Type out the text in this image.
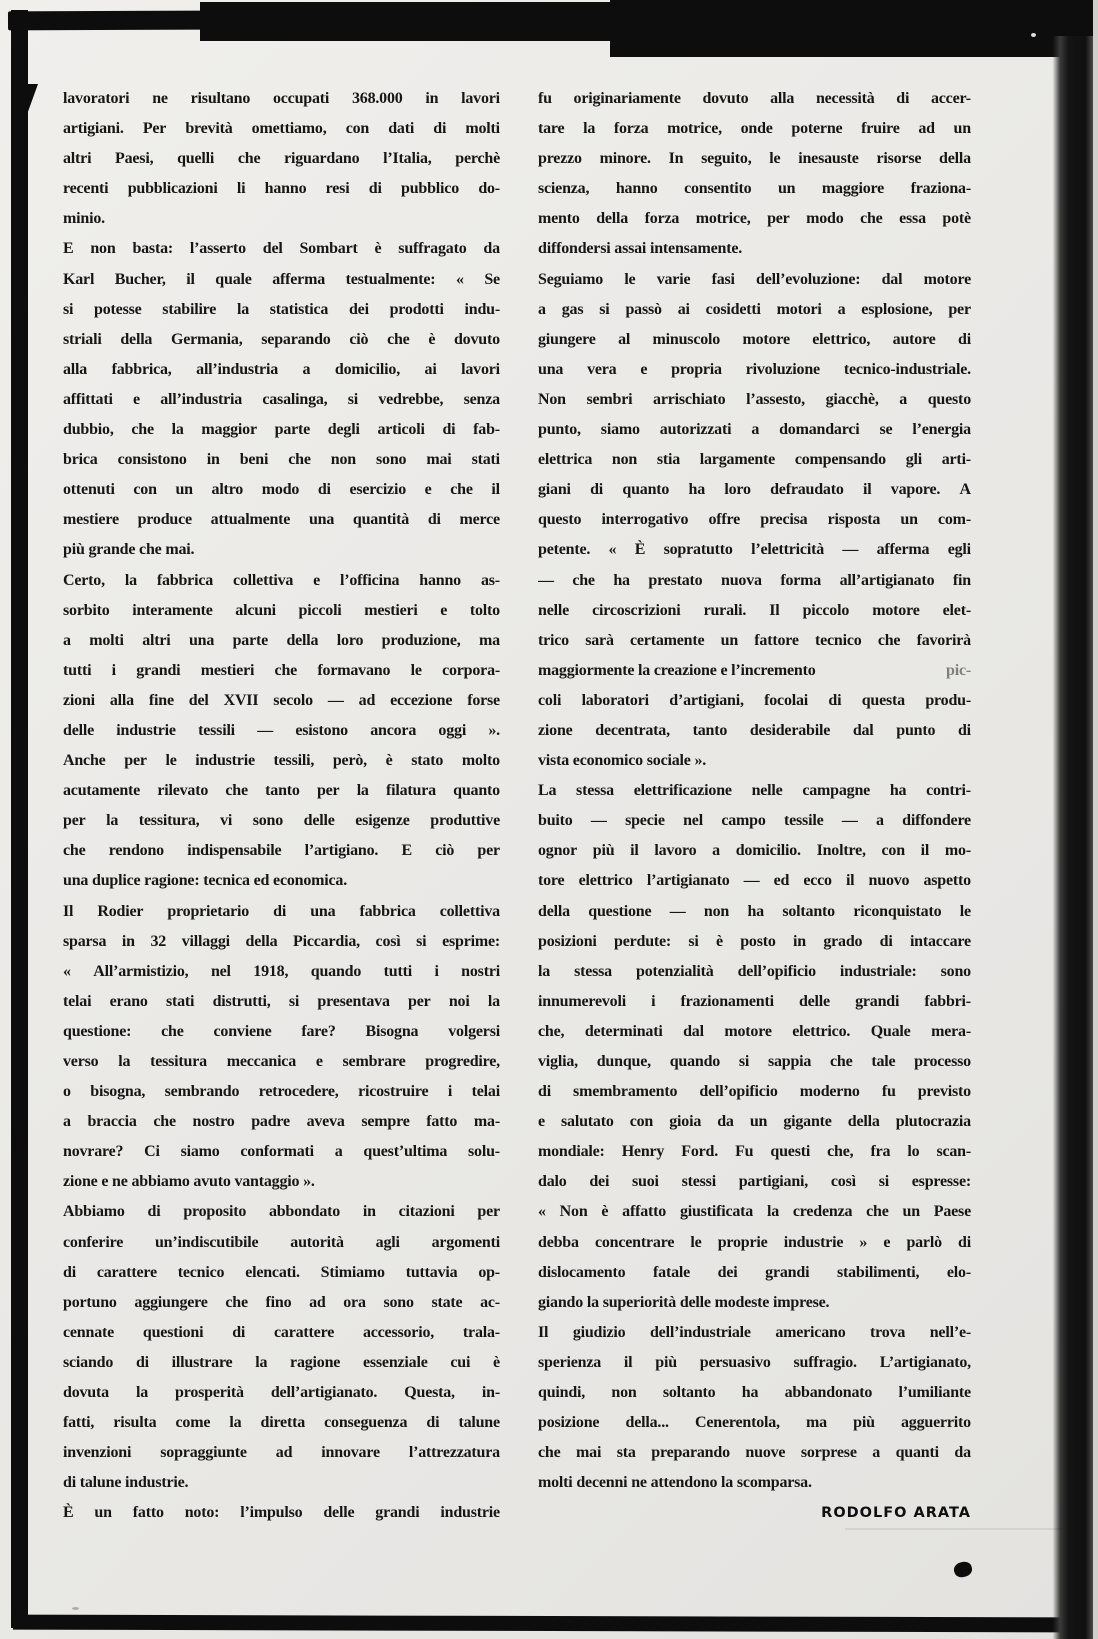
lavoratori ne risultano occupati 368.000 in lavori
artigiani. Per brevità omettiamo, con dati di molti
altri Paesi, quelli che riguardano l’Italia, perchè
recenti pubblicazioni li hanno resi di pubblico do-
minio.
E non basta: l’asserto del Sombart è suffragato da
Karl Bucher, il quale afferma testualmente: « Se
si potesse stabilire la statistica dei prodotti indu-
striali della Germania, separando ciò che è dovuto
alla fabbrica, all’industria a domicilio, ai lavori
affittati e all’industria casalinga, si vedrebbe, senza
dubbio, che la maggior parte degli articoli di fab-
brica consistono in beni che non sono mai stati
ottenuti con un altro modo di esercizio e che il
mestiere produce attualmente una quantità di merce
più grande che mai.
Certo, la fabbrica collettiva e l’officina hanno as-
sorbito interamente alcuni piccoli mestieri e tolto
a molti altri una parte della loro produzione, ma
tutti i grandi mestieri che formavano le corpora-
zioni alla fine del XVII secolo — ad eccezione forse
delle industrie tessili — esistono ancora oggi ».
Anche per le industrie tessili, però, è stato molto
acutamente rilevato che tanto per la filatura quanto
per la tessitura, vi sono delle esigenze produttive
che rendono indispensabile l’artigiano. E ciò per
una duplice ragione: tecnica ed economica.
Il Rodier proprietario di una fabbrica collettiva
sparsa in 32 villaggi della Piccardia, così si esprime:
« All’armistizio, nel 1918, quando tutti i nostri
telai erano stati distrutti, si presentava per noi la
questione: che conviene fare? Bisogna volgersi
verso la tessitura meccanica e sembrare progredire,
o bisogna, sembrando retrocedere, ricostruire i telai
a braccia che nostro padre aveva sempre fatto ma-
novrare? Ci siamo conformati a quest’ultima solu-
zione e ne abbiamo avuto vantaggio ».
Abbiamo di proposito abbondato in citazioni per
conferire un’indiscutibile autorità agli argomenti
di carattere tecnico elencati. Stimiamo tuttavia op-
portuno aggiungere che fino ad ora sono state ac-
cennate questioni di carattere accessorio, trala-
sciando di illustrare la ragione essenziale cui è
dovuta la prosperità dell’artigianato. Questa, in-
fatti, risulta come la diretta conseguenza di talune
invenzioni sopraggiunte ad innovare l’attrezzatura
di talune industrie.
È un fatto noto: l’impulso delle grandi industrie
fu originariamente dovuto alla necessità di accer-
tare la forza motrice, onde poterne fruire ad un
prezzo minore. In seguito, le inesauste risorse della
scienza, hanno consentito un maggiore fraziona-
mento della forza motrice, per modo che essa potè
diffondersi assai intensamente.
Seguiamo le varie fasi dell’evoluzione: dal motore
a gas si passò ai cosidetti motori a esplosione, per
giungere al minuscolo motore elettrico, autore di
una vera e propria rivoluzione tecnico-industriale.
Non sembri arrischiato l’assesto, giacchè, a questo
punto, siamo autorizzati a domandarci se l’energia
elettrica non stia largamente compensando gli arti-
giani di quanto ha loro defraudato il vapore. A
questo interrogativo offre precisa risposta un com-
petente. « È sopratutto l’elettricità — afferma egli
— che ha prestato nuova forma all’artigianato fin
nelle circoscrizioni rurali. Il piccolo motore elet-
trico sarà certamente un fattore tecnico che favorirà
maggiormente la creazione e l’incremento	pic-
coli laboratori d’artigiani, focolai di questa produ-
zione decentrata, tanto desiderabile dal punto di
vista economico sociale ».
La stessa elettrificazione nelle campagne ha contri-
buito — specie nel campo tessile — a diffondere
ognor più il lavoro a domicilio. Inoltre, con il mo-
tore elettrico l’artigianato — ed ecco il nuovo aspetto
della questione — non ha soltanto riconquistato le
posizioni perdute: si è posto in grado di intaccare
la stessa potenzialità dell’opificio industriale: sono
innumerevoli i frazionamenti delle grandi fabbri-
che, determinati dal motore elettrico. Quale mera-
viglia, dunque, quando si sappia che tale processo
di smembramento dell’opificio moderno fu previsto
e salutato con gioia da un gigante della plutocrazia
mondiale: Henry Ford. Fu questi che, fra lo scan-
dalo dei suoi stessi partigiani, così si espresse:
« Non è affatto giustificata la credenza che un Paese
debba concentrare le proprie industrie » e parlò di
dislocamento fatale dei grandi stabilimenti, elo-
giando la superiorità delle modeste imprese.
Il giudizio dell’industriale americano trova nell’e-
sperienza il più persuasivo suffragio. L’artigianato,
quindi, non soltanto ha abbandonato l’umiliante
posizione della... Cenerentola, ma più agguerrito
che mai sta preparando nuove sorprese a quanti da
molti decenni ne attendono la scomparsa.
RODOLFO ARATA
